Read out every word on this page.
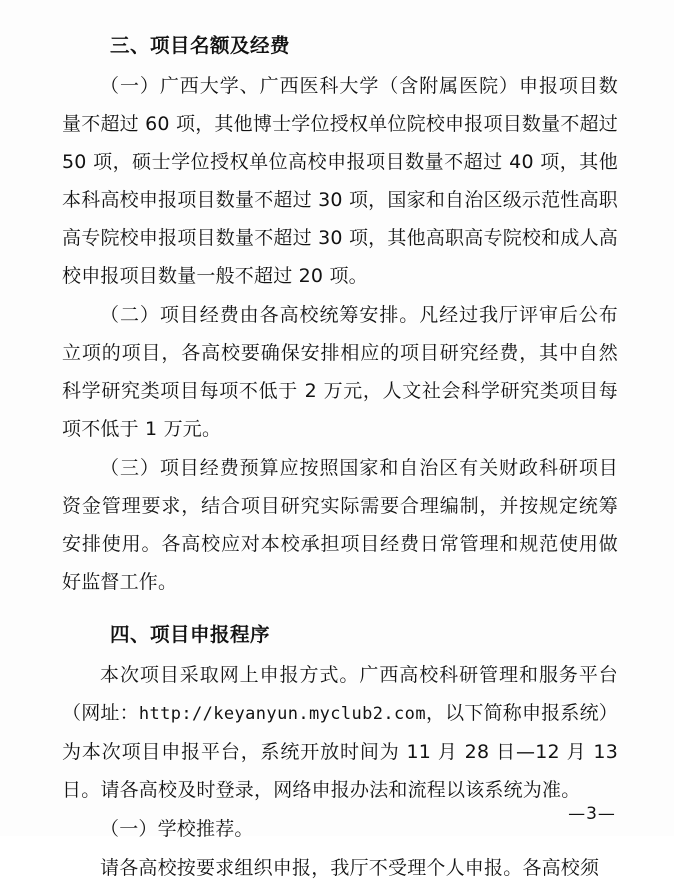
三、项目名额及经费

（一）广西大学、广西医科大学（含附属医院）申报项目数量不超过 60 项，其他博士学位授权单位院校申报项目数量不超过 50 项，硕士学位授权单位高校申报项目数量不超过 40 项，其他本科高校申报项目数量不超过 30 项，国家和自治区级示范性高职高专院校申报项目数量不超过 30 项，其他高职高专院校和成人高校申报项目数量一般不超过 20 项。

（二）项目经费由各高校统筹安排。凡经过我厅评审后公布立项的项目，各高校要确保安排相应的项目研究经费，其中自然科学研究类项目每项不低于 2 万元，人文社会科学研究类项目每项不低于 1 万元。

（三）项目经费预算应按照国家和自治区有关财政科研项目资金管理要求，结合项目研究实际需要合理编制，并按规定统筹安排使用。各高校应对本校承担项目经费日常管理和规范使用做好监督工作。

四、项目申报程序

本次项目采取网上申报方式。广西高校科研管理和服务平台（网址：http://keyanyun.myclub2.com，以下简称申报系统）为本次项目申报平台，系统开放时间为 11 月 28 日—12 月 13 日。请各高校及时登录，网络申报办法和流程以该系统为准。

（一）学校推荐。

请各高校按要求组织申报，我厅不受理个人申报。各高校须

—3—
